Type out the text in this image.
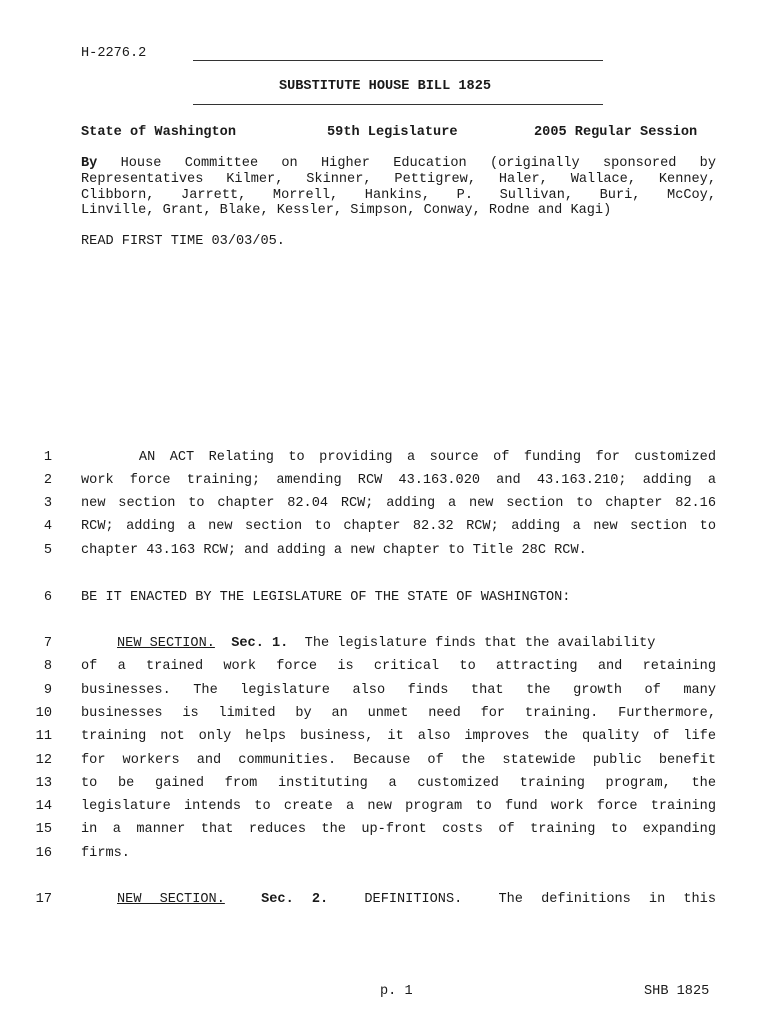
H-2276.2
SUBSTITUTE HOUSE BILL 1825
State of Washington	59th Legislature	2005 Regular Session
By House Committee on Higher Education (originally sponsored by
Representatives Kilmer, Skinner, Pettigrew, Haler, Wallace, Kenney,
Clibborn, Jarrett, Morrell, Hankins, P. Sullivan, Buri, McCoy,
Linville, Grant, Blake, Kessler, Simpson, Conway, Rodne and Kagi)
READ FIRST TIME 03/03/05.
1
2
3
4
5
6
7
8
9
10
11
12
13
14
15
16
17
AN ACT Relating to providing a source of funding for customized
work force training; amending RCW 43.163.020 and 43.163.210; adding a
new section to chapter 82.04 RCW; adding a new section to chapter 82.16
RCW; adding a new section to chapter 82.32 RCW; adding a new section to
chapter 43.163 RCW; and adding a new chapter to Title 28C RCW.
BE IT ENACTED BY THE LEGISLATURE OF THE STATE OF WASHINGTON:
NEW SECTION. Sec. 1.  The legislature finds that the availability
of a trained work force is critical to attracting and retaining
businesses. The legislature also finds that the growth of many
businesses is limited by an unmet need for training. Furthermore,
training not only helps business, it also improves the quality of life
for workers and communities. Because of the statewide public benefit
to be gained from instituting a customized training program, the
legislature intends to create a new program to fund work force training
in a manner that reduces the up-front costs of training to expanding
firms.
NEW SECTION.	Sec. 2.  DEFINITIONS.  The definitions in this
p. 1	SHB 1825
